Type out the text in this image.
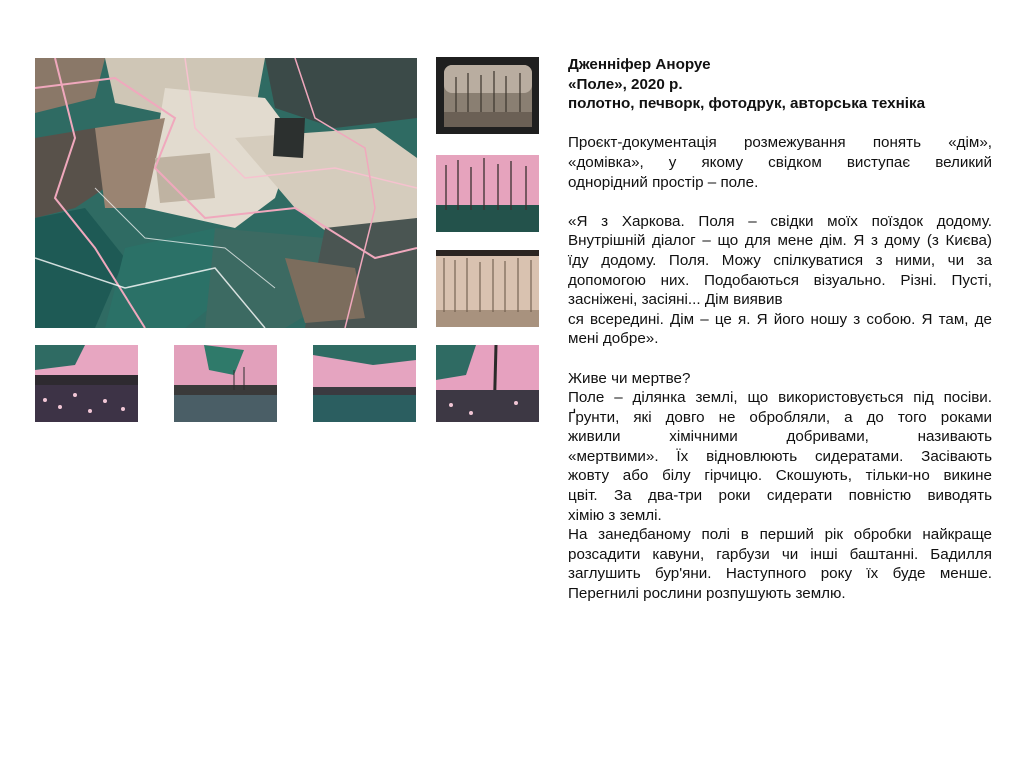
Дженніфер Аноруе

«Поле», 2020 р.

полотно, печворк, фотодрук, авторська техніка

Проєкт-документація розмежування понять «дім»,

«домівка», у якому свідком виступає великий

однорідний простір – поле.

«Я з Харкова. Поля – свідки моїх поїздок додому.

Внутрішній діалог – що для мене дім. Я з дому (з Києва)

їду додому. Поля. Можу спілкуватися з ними, чи за

допомогою них. Подобаються візуально. Різні. Пусті,

засніжені, засіяні... Дім виявив

ся всередині. Дім – це я. Я його ношу з собою. Я там, де

мені добре».

Живе чи мертве?

Поле – ділянка землі, що використовується під посіви.

Ґрунти, які довго не обробляли, а до того роками

живили хімічними добривами, називають

«мертвими». Їх відновлюють сидератами. Засівають

жовту або білу гірчицю. Скошують, тільки-но викине

цвіт. За два-три роки сидерати повністю виводять

хімію з землі.

На занедбаному полі в перший рік обробки найкраще

розсадити кавуни, гарбузи чи інші баштанні. Бадилля

заглушить бур'яни. Наступного року їх буде менше.

Перегнилі рослини розпушують землю.
